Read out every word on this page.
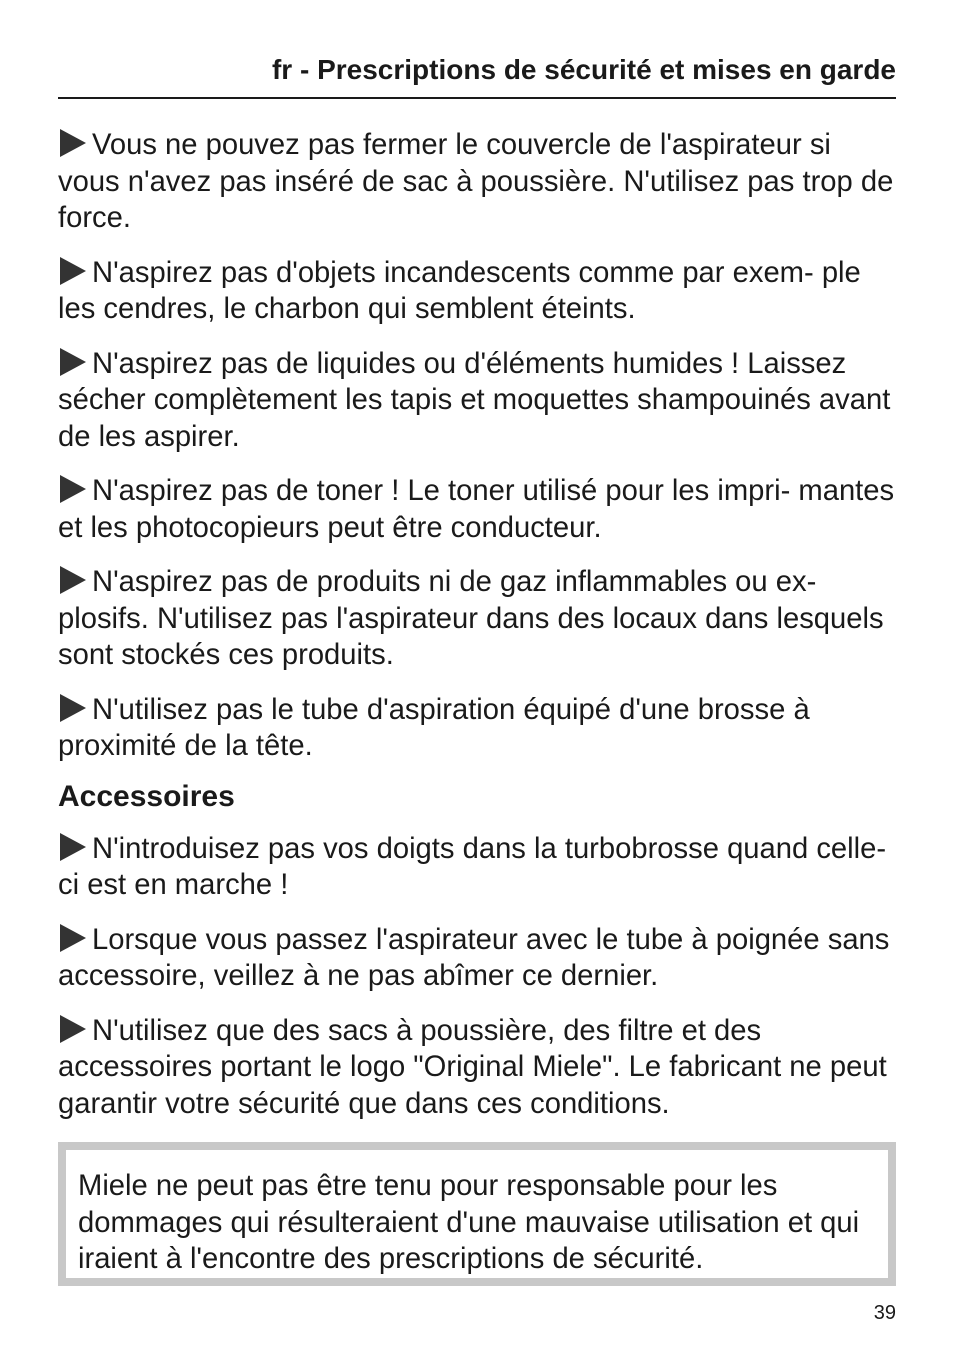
fr - Prescriptions de sécurité et mises en garde

Vous ne pouvez pas fermer le couvercle de l'aspirateur si vous n'avez pas inséré de sac à poussière. N'utilisez pas trop de force.

N'aspirez pas d'objets incandescents comme par exem- ple les cendres, le charbon qui semblent éteints.

N'aspirez pas de liquides ou d'éléments humides ! Laissez sécher complètement les tapis et moquettes shampouinés avant de les aspirer.

N'aspirez pas de toner ! Le toner utilisé pour les impri- mantes et les photocopieurs peut être conducteur.

N'aspirez pas de produits ni de gaz inflammables ou ex- plosifs. N'utilisez pas l'aspirateur dans des locaux dans lesquels sont stockés ces produits.

N'utilisez pas le tube d'aspiration équipé d'une brosse à proximité de la tête.

Accessoires

N'introduisez pas vos doigts dans la turbobrosse quand celle-ci est en marche !

Lorsque vous passez l'aspirateur avec le tube à poignée sans accessoire, veillez à ne pas abîmer ce dernier.

N'utilisez que des sacs à poussière, des filtre et des accessoires portant le logo "Original Miele". Le fabricant ne peut garantir votre sécurité que dans ces conditions.

Miele ne peut pas être tenu pour responsable pour les dommages qui résulteraient d'une mauvaise utilisation et qui iraient à l'encontre des prescriptions de sécurité.
39
